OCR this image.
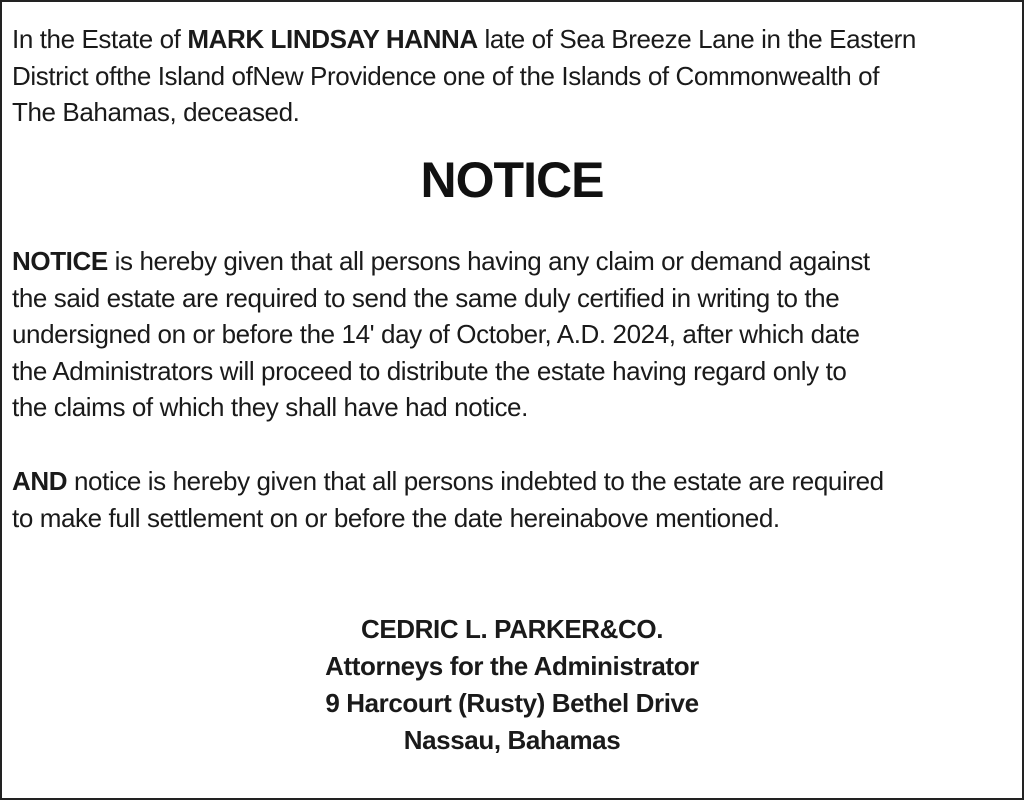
In the Estate of MARK LINDSAY HANNA late of Sea Breeze Lane in the Eastern
District ofthe Island ofNew Providence one of the Islands of Commonwealth of
The Bahamas, deceased.

NOTICE

NOTICE is hereby given that all persons having any claim or demand against
the said estate are required to send the same duly certified in writing to the
undersigned on or before the 14' day of October, A.D. 2024, after which date
the Administrators will proceed to distribute the estate having regard only to
the claims of which they shall have had notice.

AND notice is hereby given that all persons indebted to the estate are required
to make full settlement on or before the date hereinabove mentioned.

CEDRIC L. PARKER&CO.
Attorneys for the Administrator
9 Harcourt (Rusty) Bethel Drive
Nassau, Bahamas
